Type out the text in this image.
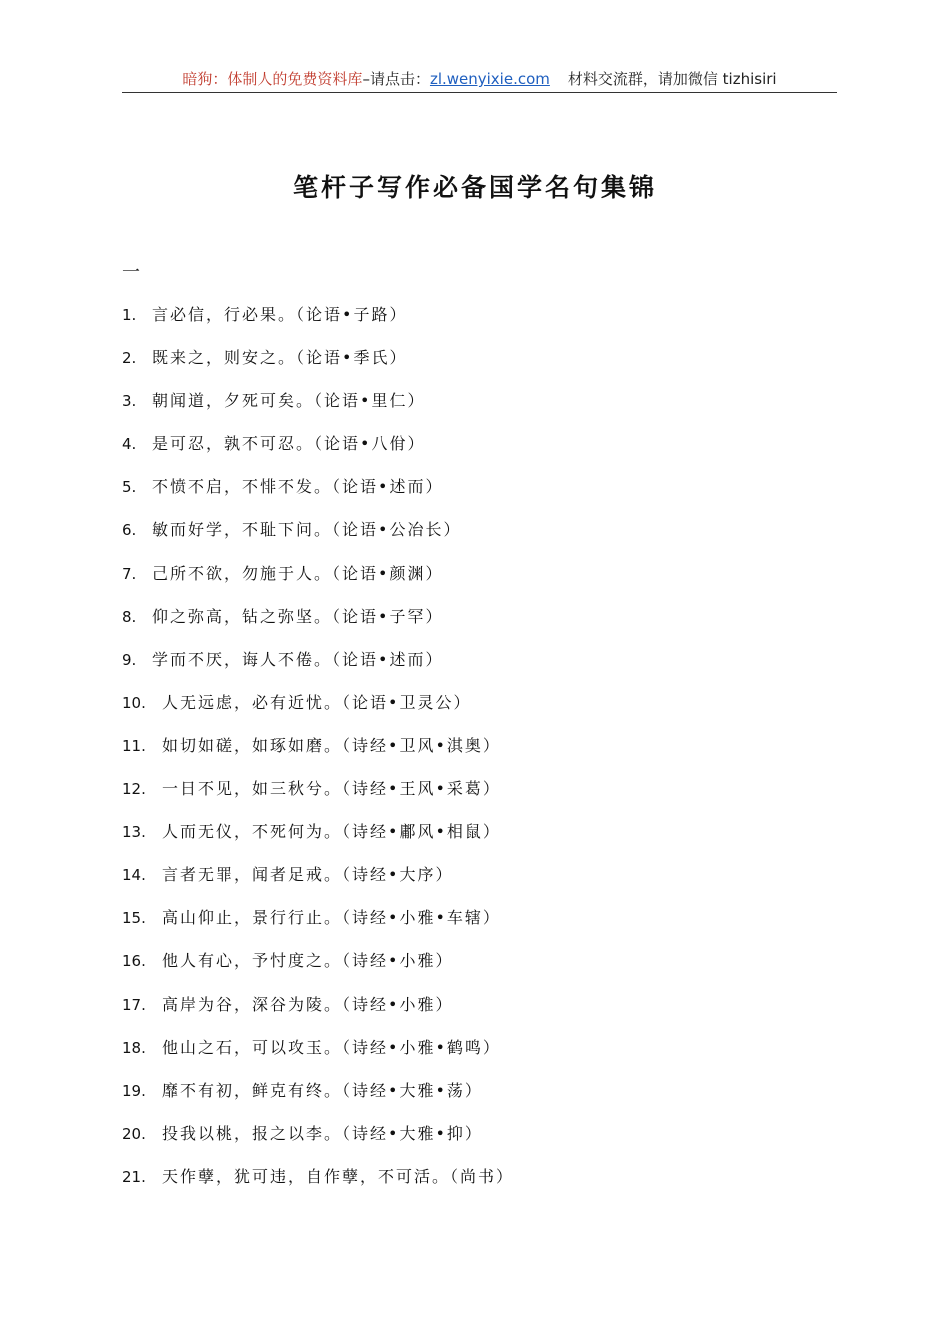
暗狗：体制人的免费资料库–请点击：zl.wenyixie.com 材料交流群，请加微信 tizhisiri
笔杆子写作必备国学名句集锦
一
1. 言必信，行必果。（论语•子路）
2. 既来之，则安之。（论语•季氏）
3. 朝闻道，夕死可矣。（论语•里仁）
4. 是可忍，孰不可忍。（论语•八佾）
5. 不愤不启，不悱不发。（论语•述而）
6. 敏而好学，不耻下问。（论语•公冶长）
7. 己所不欲，勿施于人。（论语•颜渊）
8. 仰之弥高，钻之弥坚。（论语•子罕）
9. 学而不厌，诲人不倦。（论语•述而）
10. 人无远虑，必有近忧。（论语•卫灵公）
11. 如切如磋，如琢如磨。（诗经•卫风•淇奥）
12. 一日不见，如三秋兮。（诗经•王风•采葛）
13. 人而无仪，不死何为。（诗经•鄘风•相鼠）
14. 言者无罪，闻者足戒。（诗经•大序）
15. 高山仰止，景行行止。（诗经•小雅•车辖）
16. 他人有心，予忖度之。（诗经•小雅）
17. 高岸为谷，深谷为陵。（诗经•小雅）
18. 他山之石，可以攻玉。（诗经•小雅•鹤鸣）
19. 靡不有初，鲜克有终。（诗经•大雅•荡）
20. 投我以桃，报之以李。（诗经•大雅•抑）
21. 天作孽，犹可违，自作孽，不可活。（尚书）
